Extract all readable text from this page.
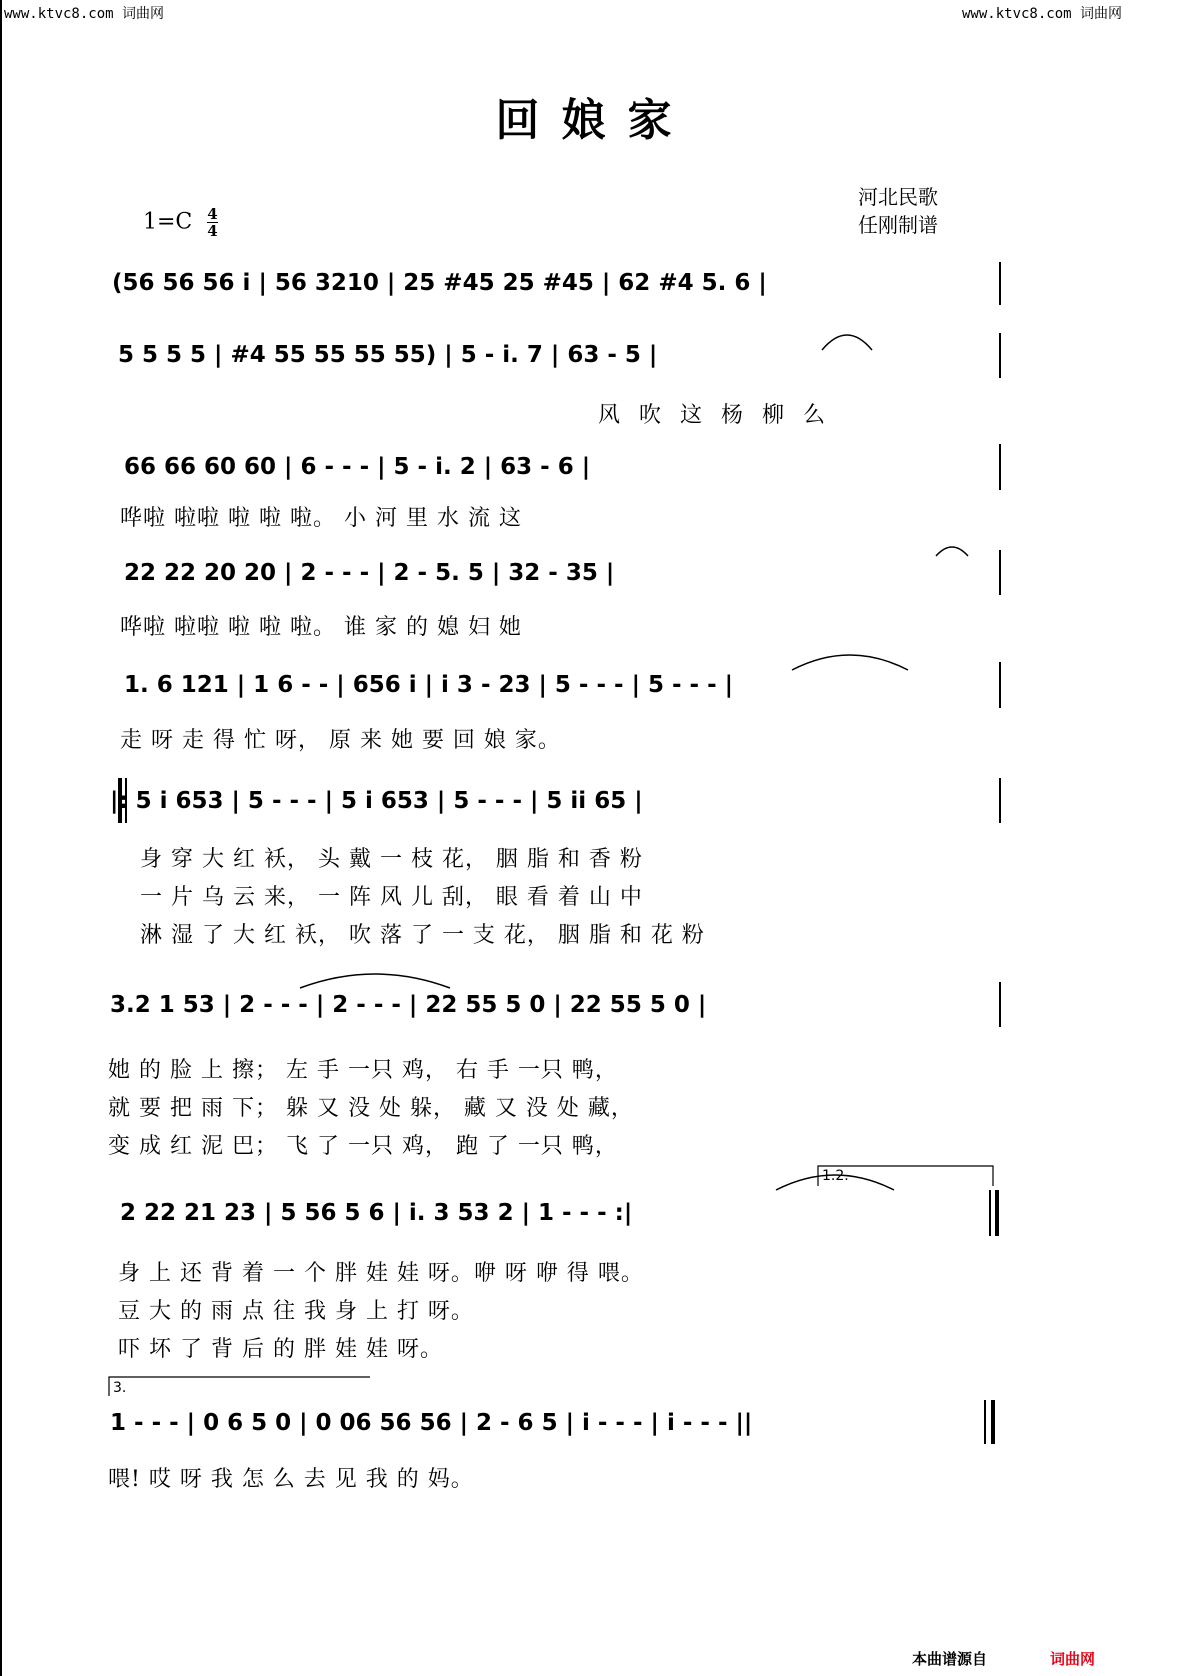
www.ktvc8.com 词曲网	www.ktvc8.com 词曲网
回娘家
河北民歌
任刚制谱
$1=C \frac{4}{4}$
(56 56 56 i | 56 3210 | 25 #45 25 #45 | 62 #4 5. 6 |
5 5 5 5 | #4 55 55 55 55) | 5 - i. 7 | 63 - 5 |
风 吹 这 杨 柳 么
66 66 60 60 | 6 - - - | 5 - i. 2 | 63 - 6 |
哗啦 啦啦 啦 啦 啦。 小 河 里 水 流 这
22 22 20 20 | 2 - - - | 2 - 5. 5 | 32 - 35 |
哗啦 啦啦 啦 啦 啦。 谁 家 的 媳 妇 她
1. 6 121 | 1 6 - - | 656 i | i 3 - 23 | 5 - - - | 5 - - - |
走 呀 走 得 忙 呀， 原 来 她 要 回 娘 家。
|: 5 i 653 | 5 - - - | 5 i 653 | 5 - - - | 5 ii 65 |
身 穿 大 红 袄， 头 戴 一 枝 花， 胭 脂 和 香 粉
一 片 乌 云 来， 一 阵 风 儿 刮， 眼 看 着 山 中
淋 湿 了 大 红 袄， 吹 落 了 一 支 花， 胭 脂 和 花 粉
3.2 1 53 | 2 - - - | 2 - - - | 22 55 5 0 | 22 55 5 0 |
她 的 脸 上 擦； 左 手 一只 鸡， 右 手 一只 鸭，
就 要 把 雨 下； 躲 又 没 处 躲， 藏 又 没 处 藏，
变 成 红 泥 巴； 飞 了 一只 鸡， 跑 了 一只 鸭，
1.2.
2 22 21 23 | 5 56 5 6 | i. 3 53 2 | 1 - - - :|
身 上 还 背 着 一 个 胖 娃 娃 呀。咿 呀 咿 得 喂。
豆 大 的 雨 点 往 我 身 上 打 呀。
吓 坏 了 背 后 的 胖 娃 娃 呀。
3.
1 - - - | 0 6 5 0 | 0 06 56 56 | 2 - 6 5 | i - - - | i - - - ||
喂! 哎 呀 我 怎 么 去 见 我 的 妈。
本曲谱源自	词曲网
